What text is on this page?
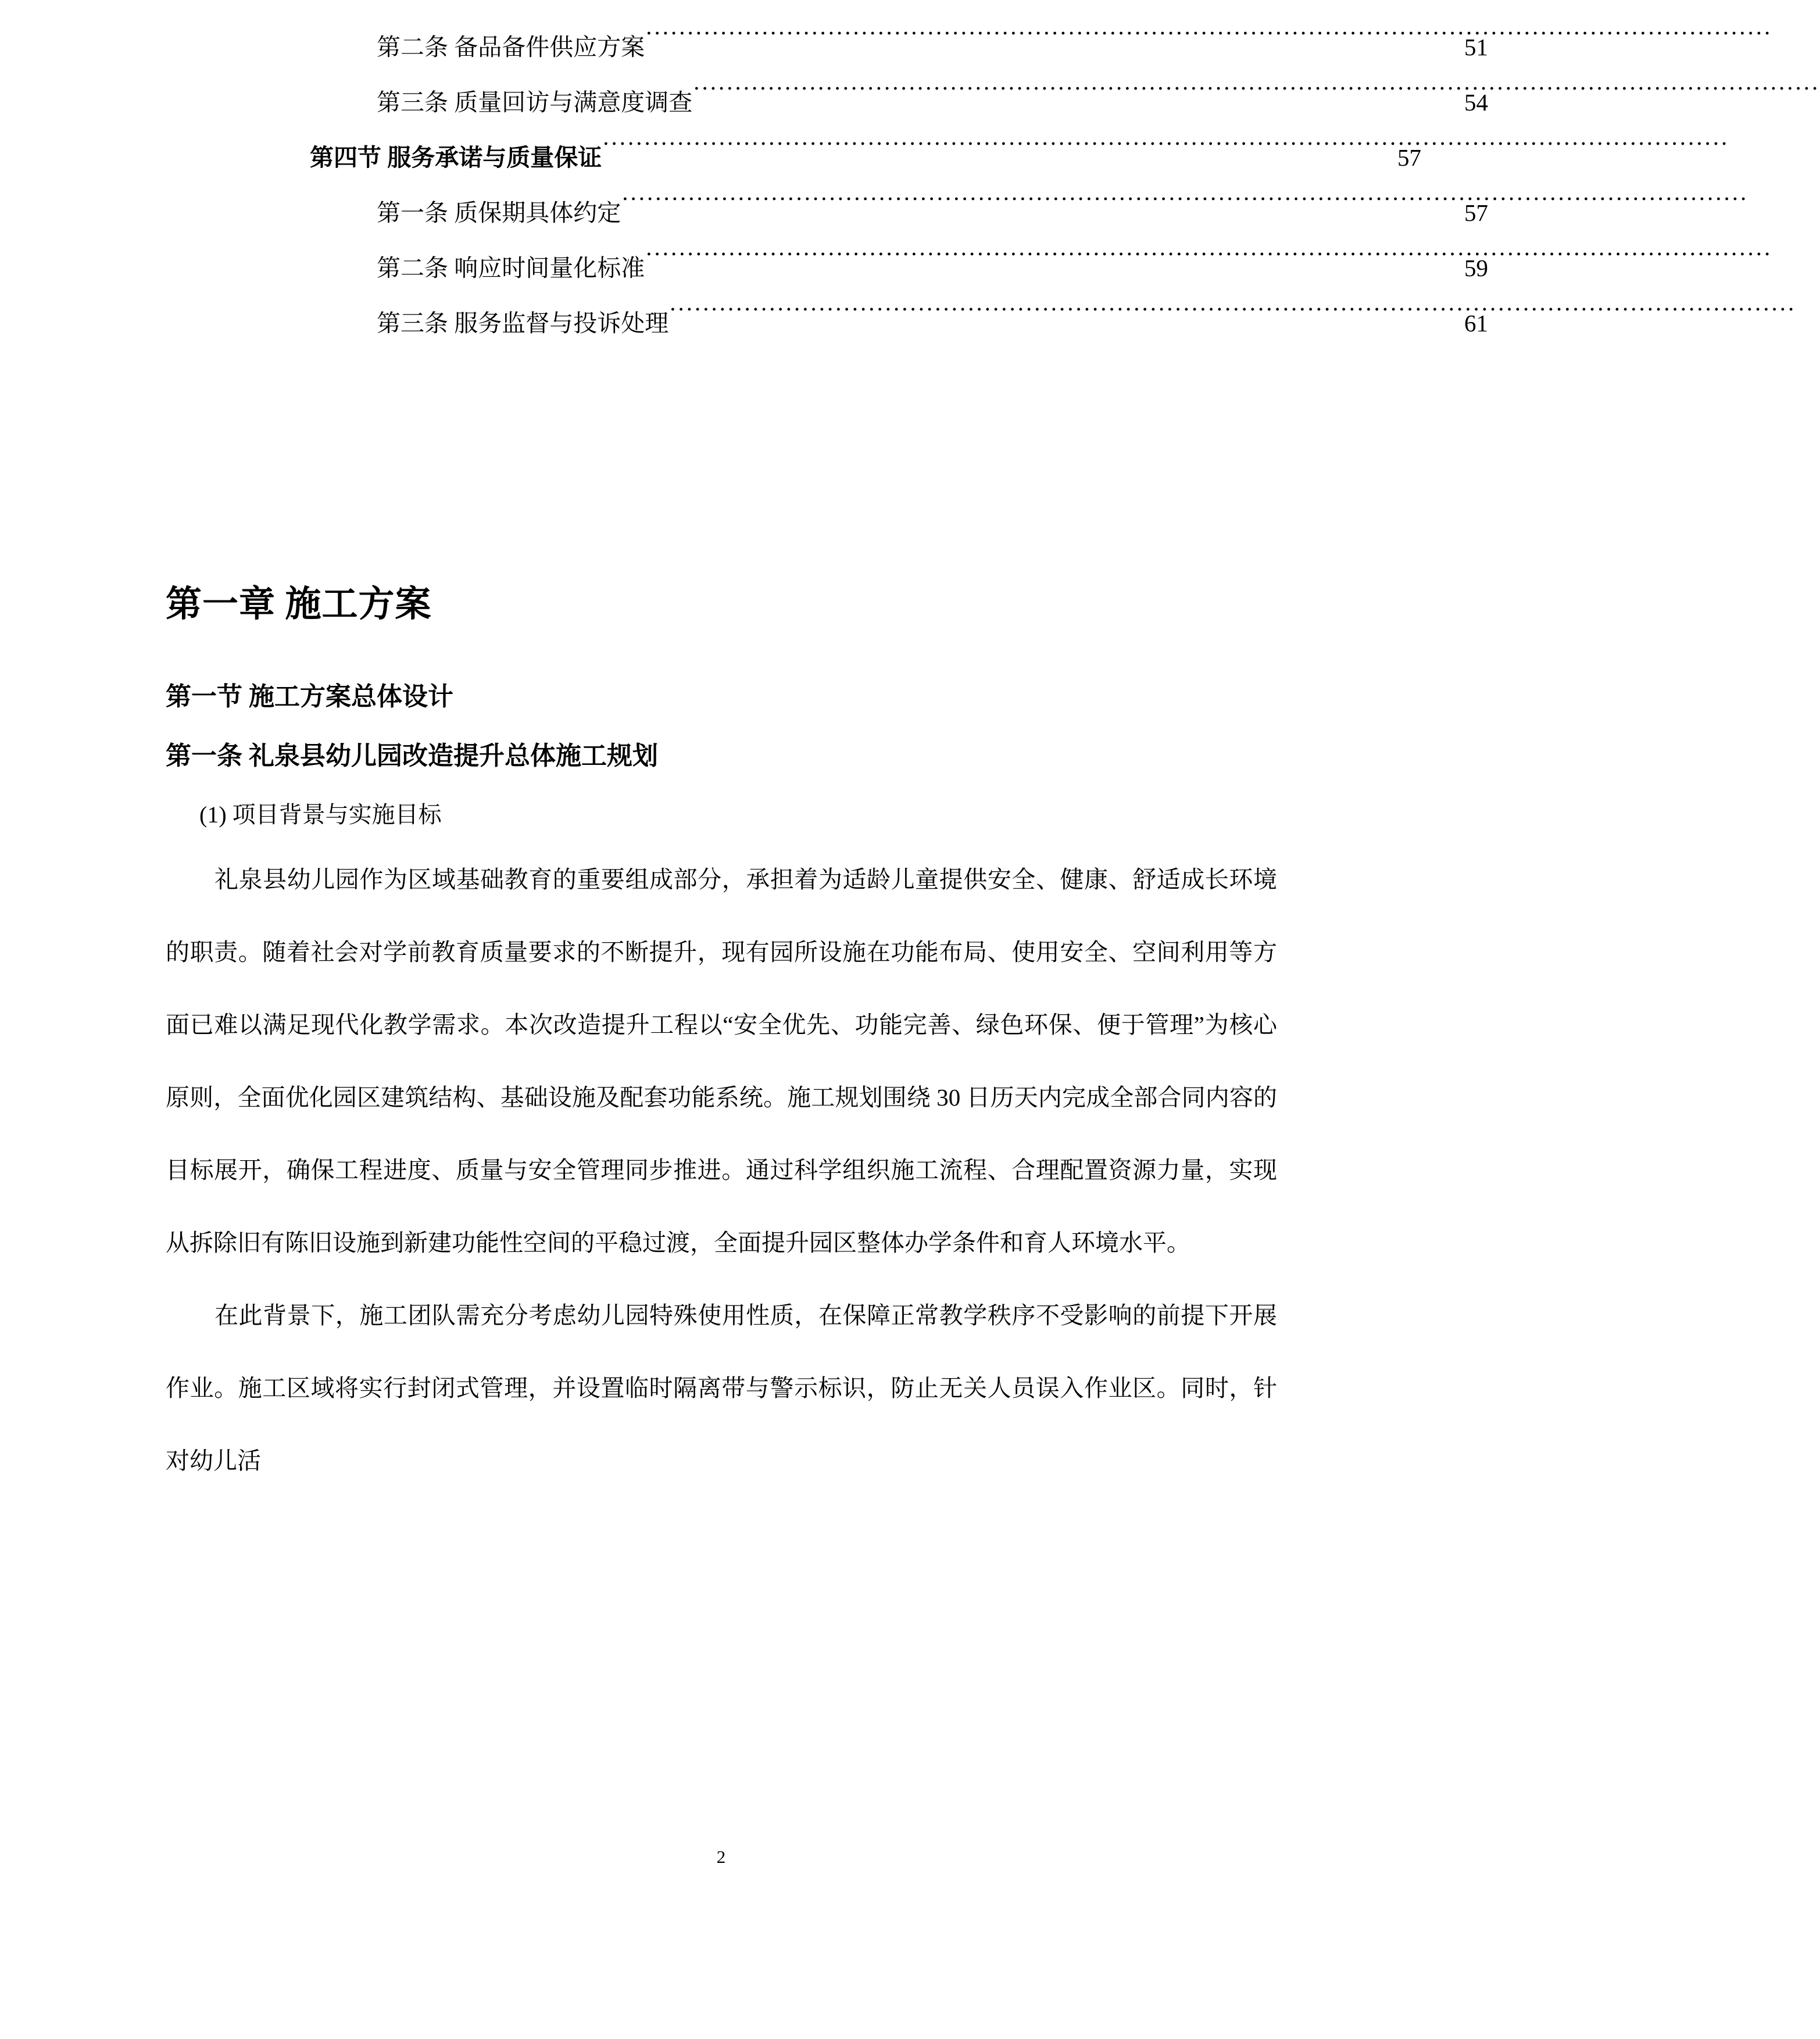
第二条 备品备件供应方案 .....	51
第三条 质量回访与满意度调查 .....	54
第四节 服务承诺与质量保证 .....	57
第一条 质保期具体约定 .....	57
第二条 响应时间量化标准 .....	59
第三条 服务监督与投诉处理 .....	61
第一章 施工方案
第一节 施工方案总体设计
第一条 礼泉县幼儿园改造提升总体施工规划

(1) 项目背景与实施目标

礼泉县幼儿园作为区域基础教育的重要组成部分，承担着为适龄儿童提供安全、健康、舒适成长环境的职责。随着社会对学前教育质量要求的不断提升，现有园所设施在功能布局、使用安全、空间利用等方面已难以满足现代化教学需求。本次改造提升工程以“安全优先、功能完善、绿色环保、便于管理”为核心原则，全面优化园区建筑结构、基础设施及配套功能系统。施工规划围绕 30 日历天内完成全部合同内容的目标展开，确保工程进度、质量与安全管理同步推进。通过科学组织施工流程、合理配置资源力量，实现从拆除旧有陈旧设施到新建功能性空间的平稳过渡，全面提升园区整体办学条件和育人环境水平。

在此背景下，施工团队需充分考虑幼儿园特殊使用性质，在保障正常教学秩序不受影响的前提下开展作业。施工区域将实行封闭式管理，并设置临时隔离带与警示标识，防止无关人员误入作业区。同时，针对幼儿活

2
